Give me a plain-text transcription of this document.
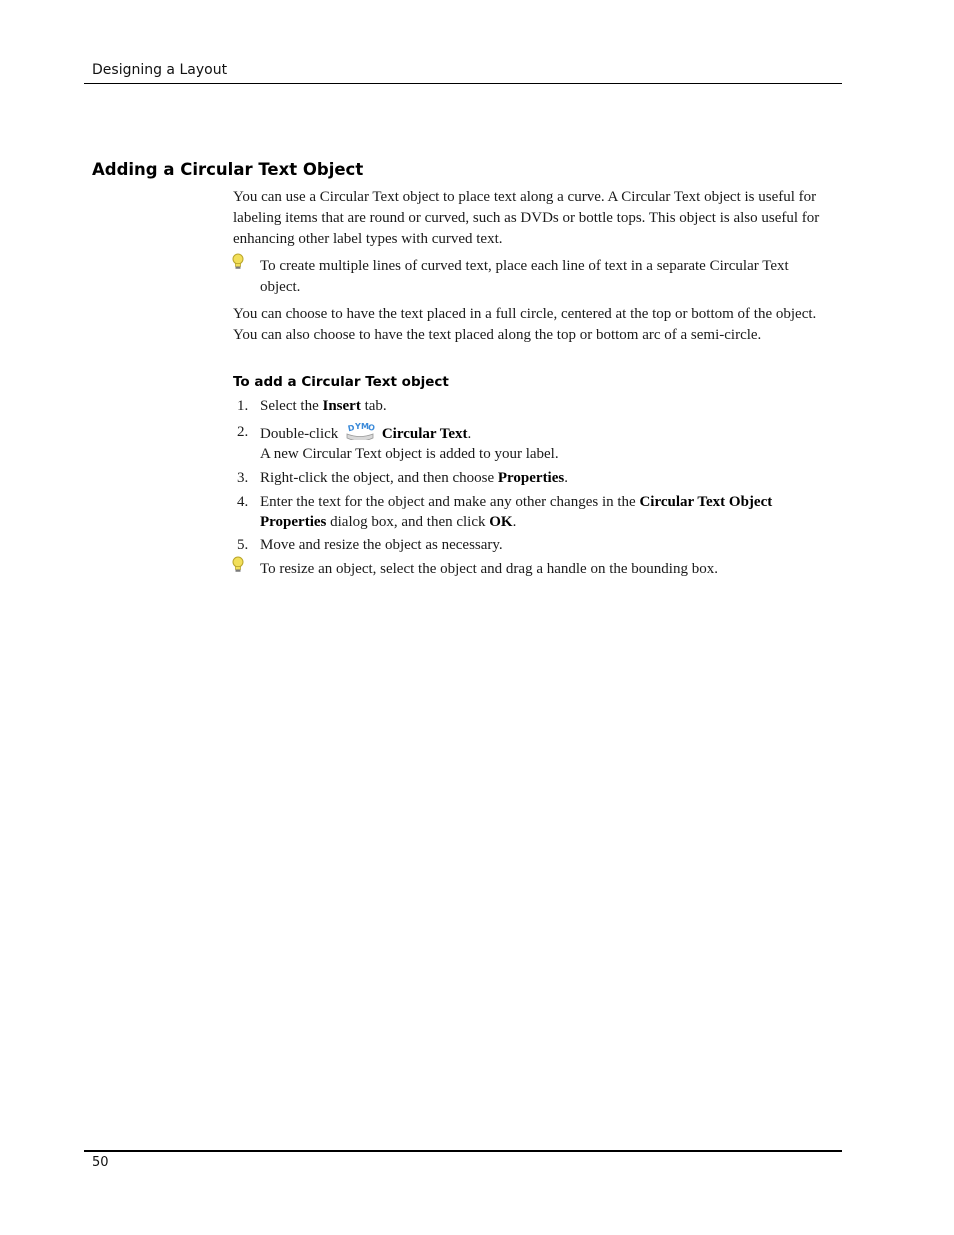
Designing a Layout
Adding a Circular Text Object
You can use a Circular Text object to place text along a curve. A Circular Text object is useful for labeling items that are round or curved, such as DVDs or bottle tops. This object is also useful for enhancing other label types with curved text.
To create multiple lines of curved text, place each line of text in a separate Circular Text object.
You can choose to have the text placed in a full circle, centered at the top or bottom of the object. You can also choose to have the text placed along the top or bottom arc of a semi-circle.
To add a Circular Text object
1. Select the Insert tab.
2. Double-click D Y M
O Circular Text.
A new Circular Text object is added to your label.
3. Right-click the object, and then choose Properties.
4. Enter the text for the object and make any other changes in the Circular Text Object Properties dialog box, and then click OK.
5. Move and resize the object as necessary.
To resize an object, select the object and drag a handle on the bounding box.
50
